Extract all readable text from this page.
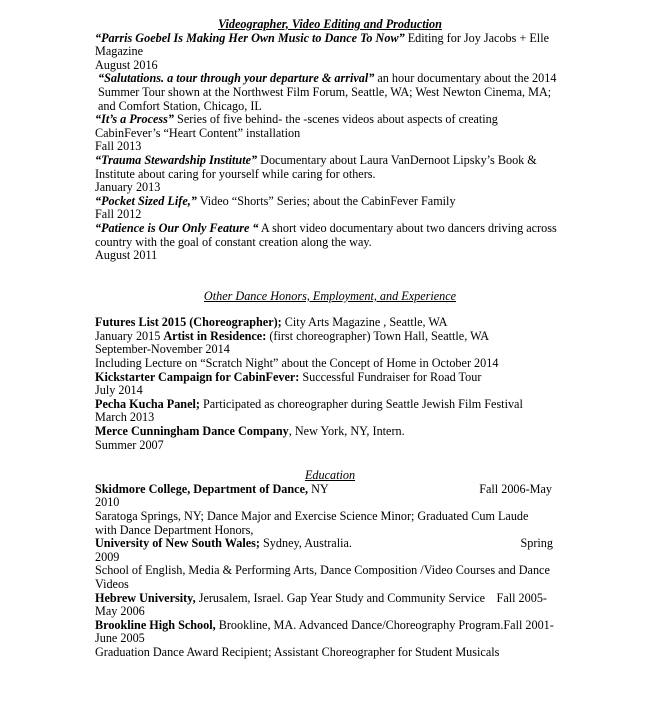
Videographer, Video Editing and Production

“Parris Goebel Is Making Her Own Music to Dance To Now” Editing for Joy Jacobs + Elle Magazine

August 2016

“Salutations. a tour through your departure & arrival” an hour documentary about the 2014 Summer Tour shown at the Northwest Film Forum, Seattle, WA; West Newton Cinema, MA; and Comfort Station, Chicago, IL

“It’s a Process” Series of five behind- the -scenes videos about aspects of creating CabinFever’s “Heart Content” installation

Fall 2013

“Trauma Stewardship Institute” Documentary about Laura VanDernoot Lipsky’s Book & Institute about caring for yourself while caring for others.

January 2013

“Pocket Sized Life,” Video “Shorts” Series; about the CabinFever Family

Fall 2012

“Patience is Our Only Feature “ A short video documentary about two dancers driving across country with the goal of constant creation along the way.

August 2011

Other Dance Honors, Employment, and Experience

Futures List 2015 (Choreographer); City Arts Magazine , Seattle, WA

January 2015 Artist in Residence: (first choreographer) Town Hall, Seattle, WA

September-November 2014

Including Lecture on “Scratch Night” about the Concept of Home in October 2014

Kickstarter Campaign for CabinFever: Successful Fundraiser for Road Tour

July 2014

Pecha Kucha Panel; Participated as choreographer during Seattle Jewish Film Festival

March 2013

Merce Cunningham Dance Company, New York, NY, Intern.

Summer 2007

Education

Skidmore College, Department of Dance, NY	Fall 2006-May

2010

Saratoga Springs, NY; Dance Major and Exercise Science Minor; Graduated Cum Laude

with Dance Department Honors,

University of New South Wales; Sydney, Australia.	Spring

2009

School of English, Media & Performing Arts, Dance Composition /Video Courses and Dance

Videos

Hebrew University, Jerusalem, Israel. Gap Year Study and Community Service Fall 2005-

May 2006

Brookline High School, Brookline, MA. Advanced Dance/Choreography Program. Fall 2001-

June 2005

Graduation Dance Award Recipient; Assistant Choreographer for Student Musicals
